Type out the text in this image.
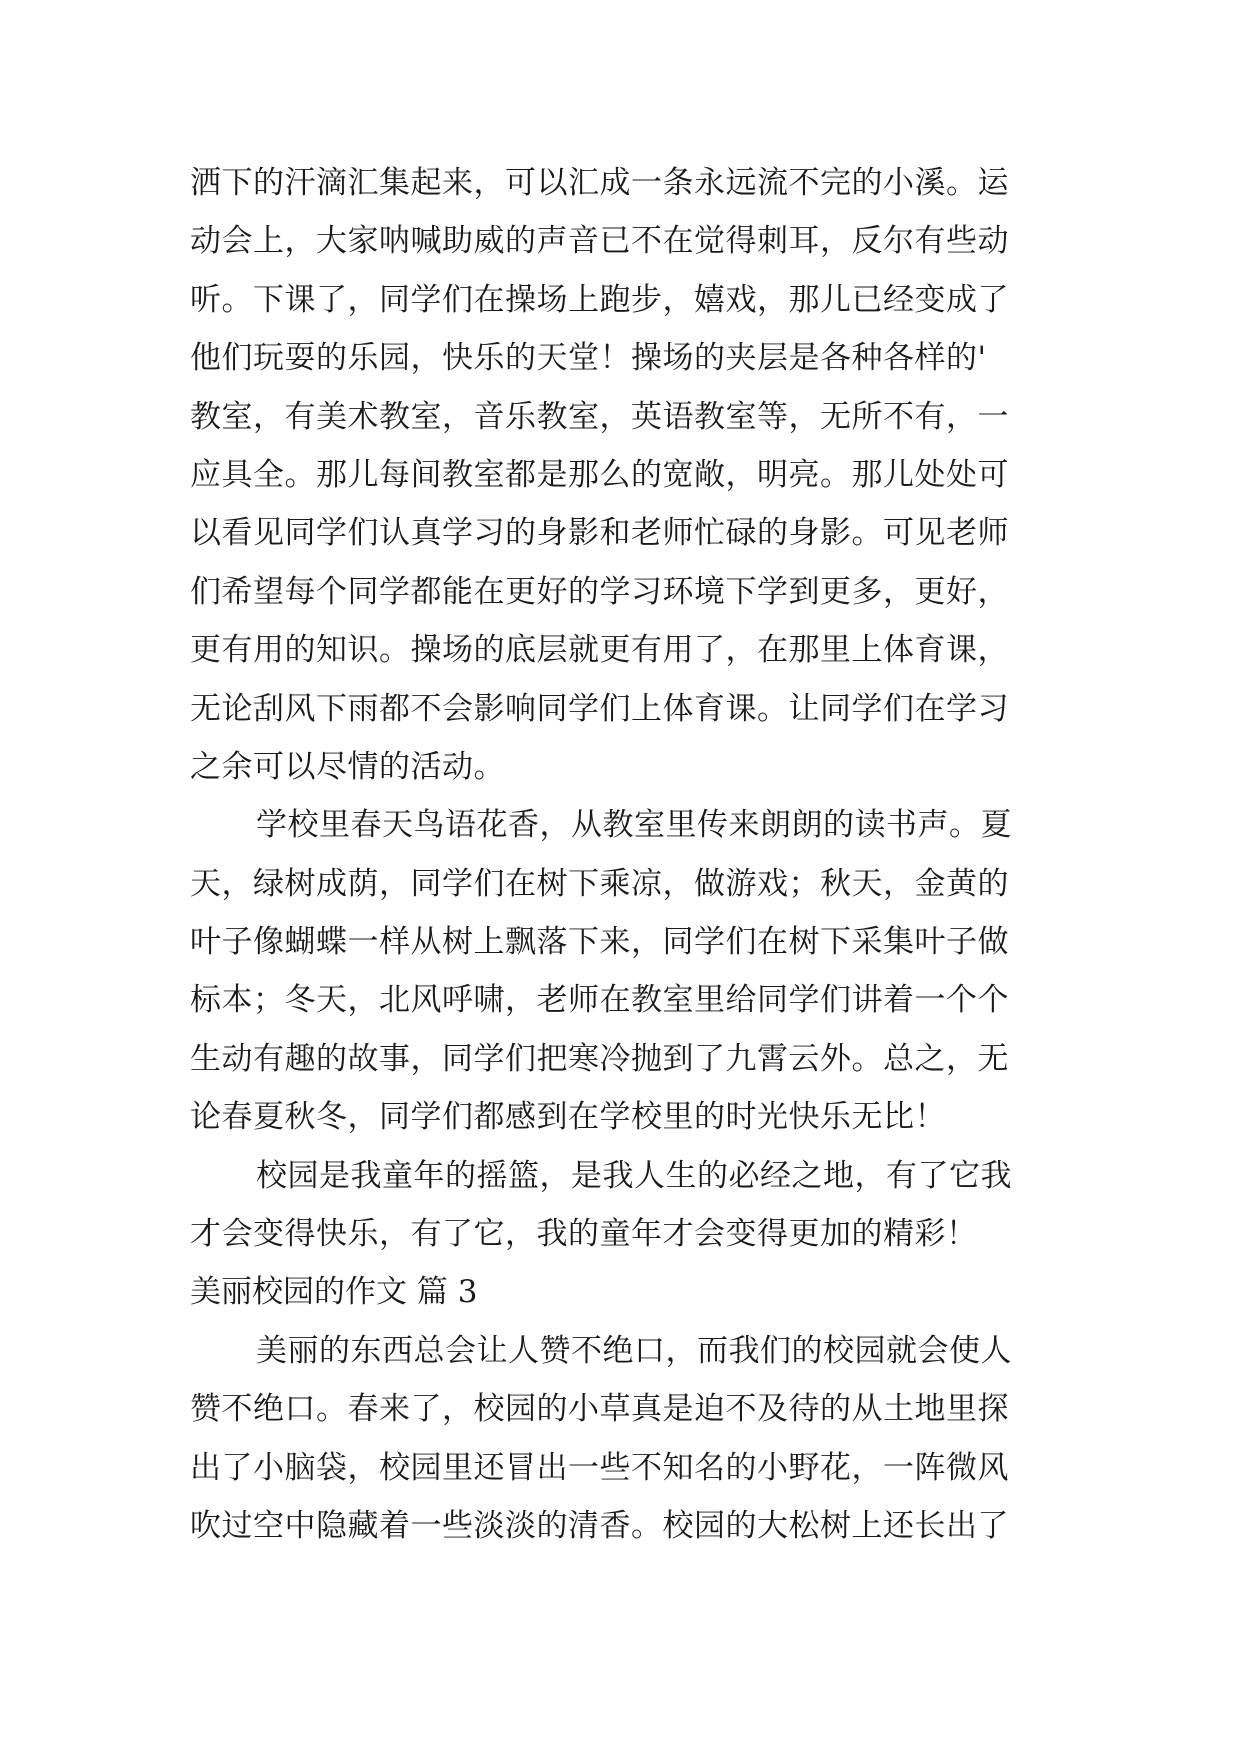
洒下的汗滴汇集起来，可以汇成一条永远流不完的小溪。运
动会上，大家呐喊助威的声音已不在觉得刺耳，反尔有些动
听。下课了，同学们在操场上跑步，嬉戏，那儿已经变成了
他们玩耍的乐园，快乐的天堂！操场的夹层是各种各样的'
教室，有美术教室，音乐教室，英语教室等，无所不有，一
应具全。那儿每间教室都是那么的宽敞，明亮。那儿处处可
以看见同学们认真学习的身影和老师忙碌的身影。可见老师
们希望每个同学都能在更好的学习环境下学到更多，更好，
更有用的知识。操场的底层就更有用了，在那里上体育课，
无论刮风下雨都不会影响同学们上体育课。让同学们在学习
之余可以尽情的活动。
学校里春天鸟语花香，从教室里传来朗朗的读书声。夏
天，绿树成荫，同学们在树下乘凉，做游戏；秋天，金黄的
叶子像蝴蝶一样从树上飘落下来，同学们在树下采集叶子做
标本；冬天，北风呼啸，老师在教室里给同学们讲着一个个
生动有趣的故事，同学们把寒冷抛到了九霄云外。总之，无
论春夏秋冬，同学们都感到在学校里的时光快乐无比！
校园是我童年的摇篮，是我人生的必经之地，有了它我
才会变得快乐，有了它，我的童年才会变得更加的精彩！
美丽校园的作文 篇 3
美丽的东西总会让人赞不绝口，而我们的校园就会使人
赞不绝口。春来了，校园的小草真是迫不及待的从土地里探
出了小脑袋，校园里还冒出一些不知名的小野花，一阵微风
吹过空中隐藏着一些淡淡的清香。校园的大松树上还长出了
